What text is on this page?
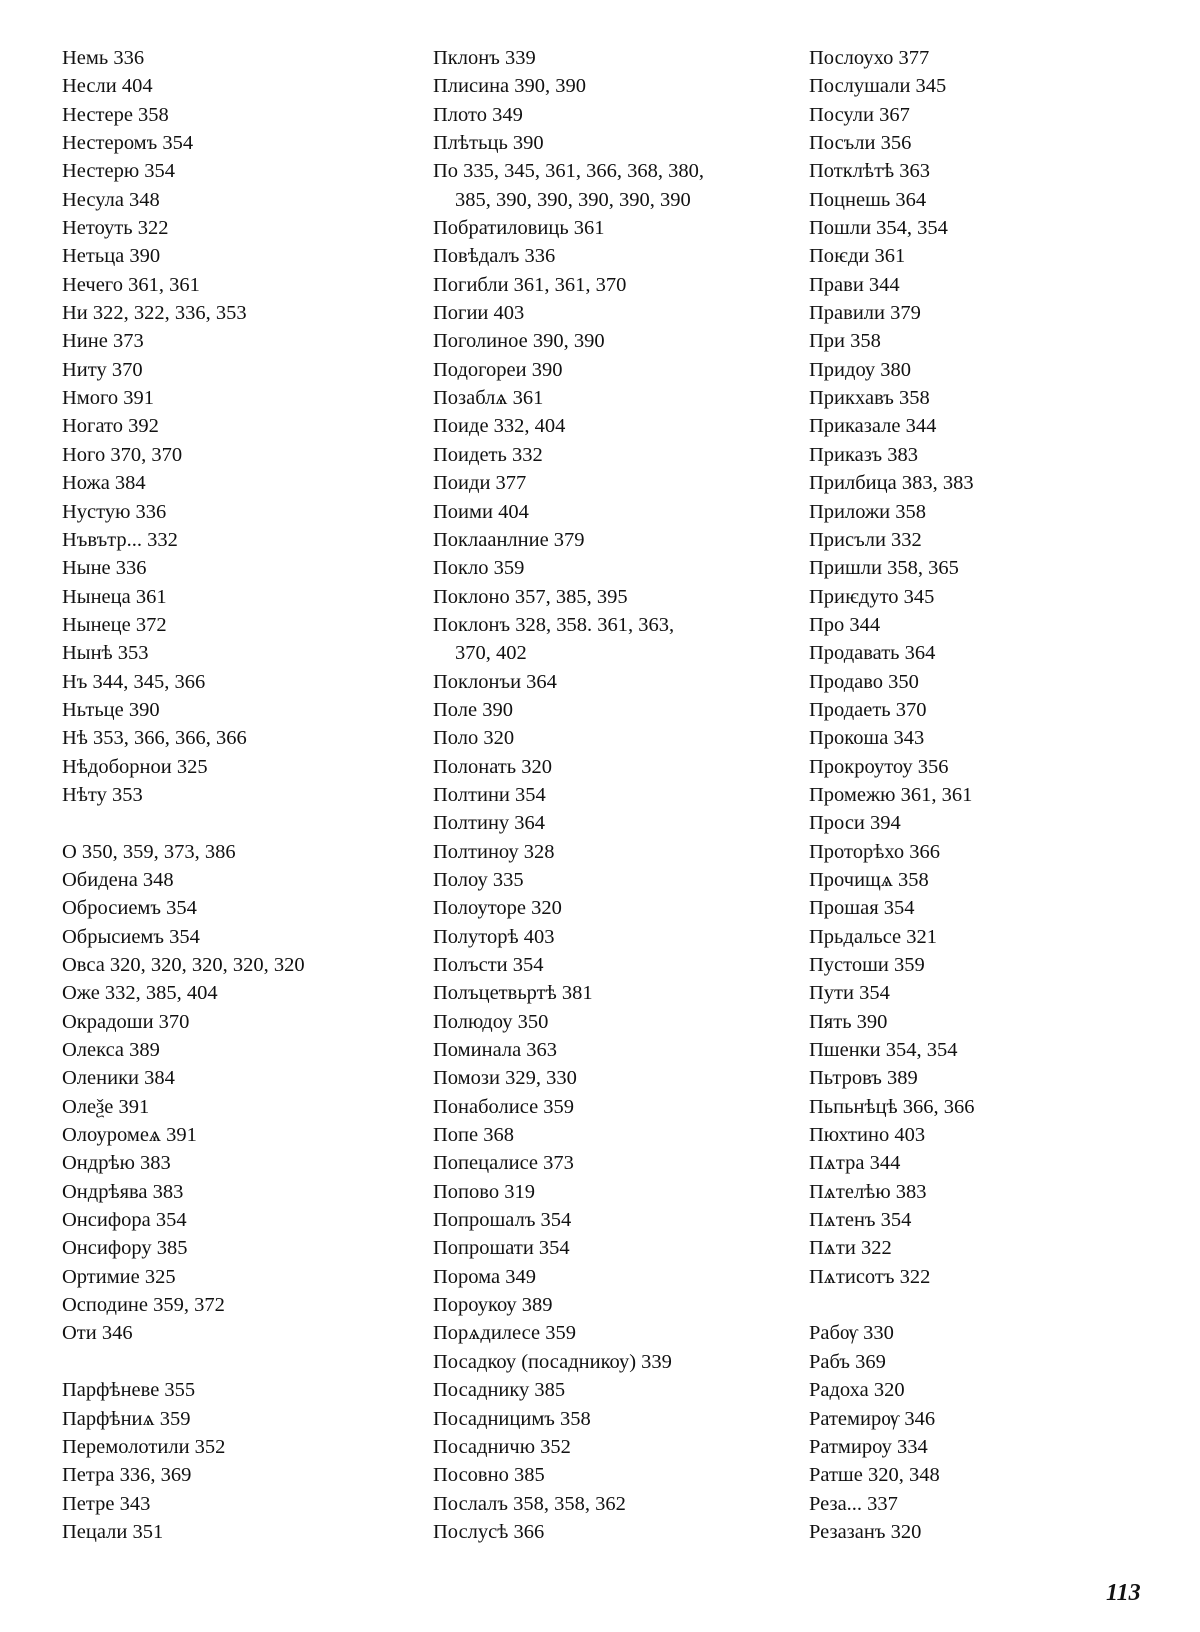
Немь 336
Несли 404
Нестере 358
Нестеромъ 354
Нестерю 354
Несула 348
Нетоуть 322
Нетьца 390
Нечего 361, 361
Ни 322, 322, 336, 353
Нине 373
Ниту 370
Нмого 391
Ногато 392
Ного 370, 370
Ножа 384
Нустую 336
Нъвътр... 332
Ныне 336
Нынеца 361
Нынеце 372
Нынѣ 353
Нъ 344, 345, 366
Ньтьце 390
Нѣ 353, 366, 366, 366
Нѣдоборнои 325
Нѣту 353
О 350, 359, 373, 386
Обидена 348
Обросиемъ 354
Обрысиемъ 354
Овса 320, 320, 320, 320, 320
Оже 332, 385, 404
Окрадоши 370
Олекса 389
Оленики 384
Олеѯе 391
Олоуромеѧ 391
Ондрѣю 383
Ондрѣява 383
Онсифора 354
Онсифору 385
Ортимие 325
Осподине 359, 372
Оти 346
Парфѣневе 355
Парфѣниѧ 359
Перемолотили 352
Петра 336, 369
Петре 343
Пецали 351
Пклонъ 339
Плисина 390, 390
Плото 349
Плѣтьць 390
По 335, 345, 361, 366, 368, 380,
385, 390, 390, 390, 390, 390
Побратиловиць 361
Повѣдалъ 336
Погибли 361, 361, 370
Погии 403
Поголиное 390, 390
Подогореи 390
Позаблѧ 361
Поиде 332, 404
Поидеть 332
Поиди 377
Поими 404
Поклаанлние 379
Покло 359
Поклоно 357, 385, 395
Поклонъ 328, 358. 361, 363,
370, 402
Поклонъи 364
Поле 390
Поло 320
Полонать 320
Полтини 354
Полтину 364
Полтиноу 328
Полоу 335
Полоуторе 320
Полуторѣ 403
Полъсти 354
Полъцетвьртѣ 381
Полюдоу 350
Поминала 363
Помози 329, 330
Понаболисе 359
Попе 368
Попецалисе 373
Попово 319
Попрошалъ 354
Попрошати 354
Порома 349
Пороукоу 389
Порѧдилесе 359
Посадкоу (посадникоу) 339
Посаднику 385
Посадницимъ 358
Посадничю 352
Посовно 385
Послалъ 358, 358, 362
Послусѣ 366
Послоухо 377
Послушали 345
Посули 367
Посъли 356
Потклѣтѣ 363
Поцнешь 364
Пошли 354, 354
Поѥди 361
Прави 344
Правили 379
При 358
Придоу 380
Прикхавъ 358
Приказале 344
Приказъ 383
Прилбица 383, 383
Приложи 358
Присъли 332
Пришли 358, 365
Приѥдуто 345
Про 344
Продавать 364
Продаво 350
Продаеть 370
Прокоша 343
Прокроутоу 356
Промежю 361, 361
Проси 394
Проторѣхо 366
Прочищѧ 358
Прошая 354
Прьдальсе 321
Пустоши 359
Пути 354
Пять 390
Пшенки 354, 354
Пьтровъ 389
Пьпьнѣцѣ 366, 366
Пюхтино 403
Пѧтра 344
Пѧтелѣю 383
Пѧтенъ 354
Пѧти 322
Пѧтисотъ 322
Рабѹ 330
Рабъ 369
Радоха 320
Ратемирѹ 346
Ратмироу 334
Ратше 320, 348
Реза... 337
Резазанъ 320
113
